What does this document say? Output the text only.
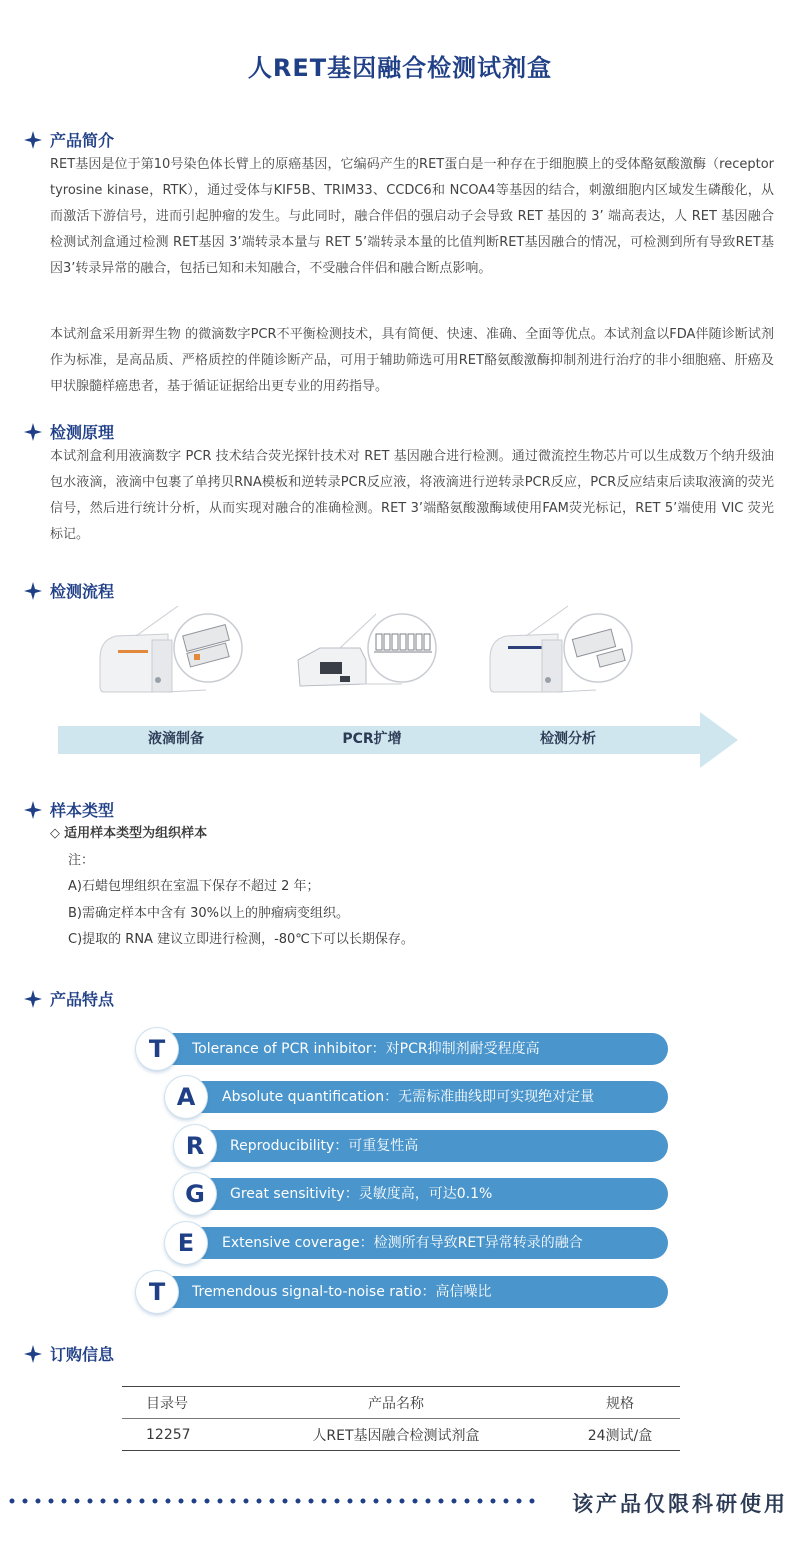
人RET基因融合检测试剂盒
产品简介
RET基因是位于第10号染色体长臂上的原癌基因，它编码产生的RET蛋白是一种存在于细胞膜上的受体酪氨酸激酶（receptor tyrosine kinase，RTK），通过受体与KIF5B、TRIM33、CCDC6和 NCOA4等基因的结合，刺激细胞内区域发生磷酸化，从而激活下游信号，进而引起肿瘤的发生。与此同时，融合伴侣的强启动子会导致 RET 基因的 3’ 端高表达，人 RET 基因融合检测试剂盒通过检测 RET基因 3’端转录本量与 RET 5’端转录本量的比值判断RET基因融合的情况，可检测到所有导致RET基因3’转录异常的融合，包括已知和未知融合，不受融合伴侣和融合断点影响。
本试剂盒采用新羿生物 的微滴数字PCR不平衡检测技术，具有简便、快速、准确、全面等优点。本试剂盒以FDA伴随诊断试剂作为标准，是高品质、严格质控的伴随诊断产品，可用于辅助筛选可用RET酪氨酸激酶抑制剂进行治疗的非小细胞癌、肝癌及甲状腺髓样癌患者，基于循证证据给出更专业的用药指导。
检测原理
本试剂盒利用液滴数字 PCR 技术结合荧光探针技术对 RET 基因融合进行检测。通过微流控生物芯片可以生成数万个纳升级油包水液滴，液滴中包裹了单拷贝RNA模板和逆转录PCR反应液，将液滴进行逆转录PCR反应，PCR反应结束后读取液滴的荧光信号，然后进行统计分析，从而实现对融合的准确检测。RET 3’端酪氨酸激酶域使用FAM荧光标记，RET 5’端使用 VIC 荧光标记。
检测流程
液滴制备	PCR扩增	检测分析
样本类型
◇ 适用样本类型为组织样本
注：
A)石蜡包埋组织在室温下保存不超过 2 年；
B)需确定样本中含有 30%以上的肿瘤病变组织。
C)提取的 RNA 建议立即进行检测，-80℃下可以长期保存。
产品特点
Tolerance of PCR inhibitor：对PCR抑制剂耐受程度高
T
Absolute quantification：无需标准曲线即可实现绝对定量
A
Reproducibility：可重复性高
R
Great sensitivity：灵敏度高，可达0.1%
G
Extensive coverage：检测所有导致RET异常转录的融合
E
Tremendous signal-to-noise ratio：高信噪比
T
订购信息
目录号	产品名称	规格
12257	人RET基因融合检测试剂盒	24测试/盒
该产品仅限科研使用
